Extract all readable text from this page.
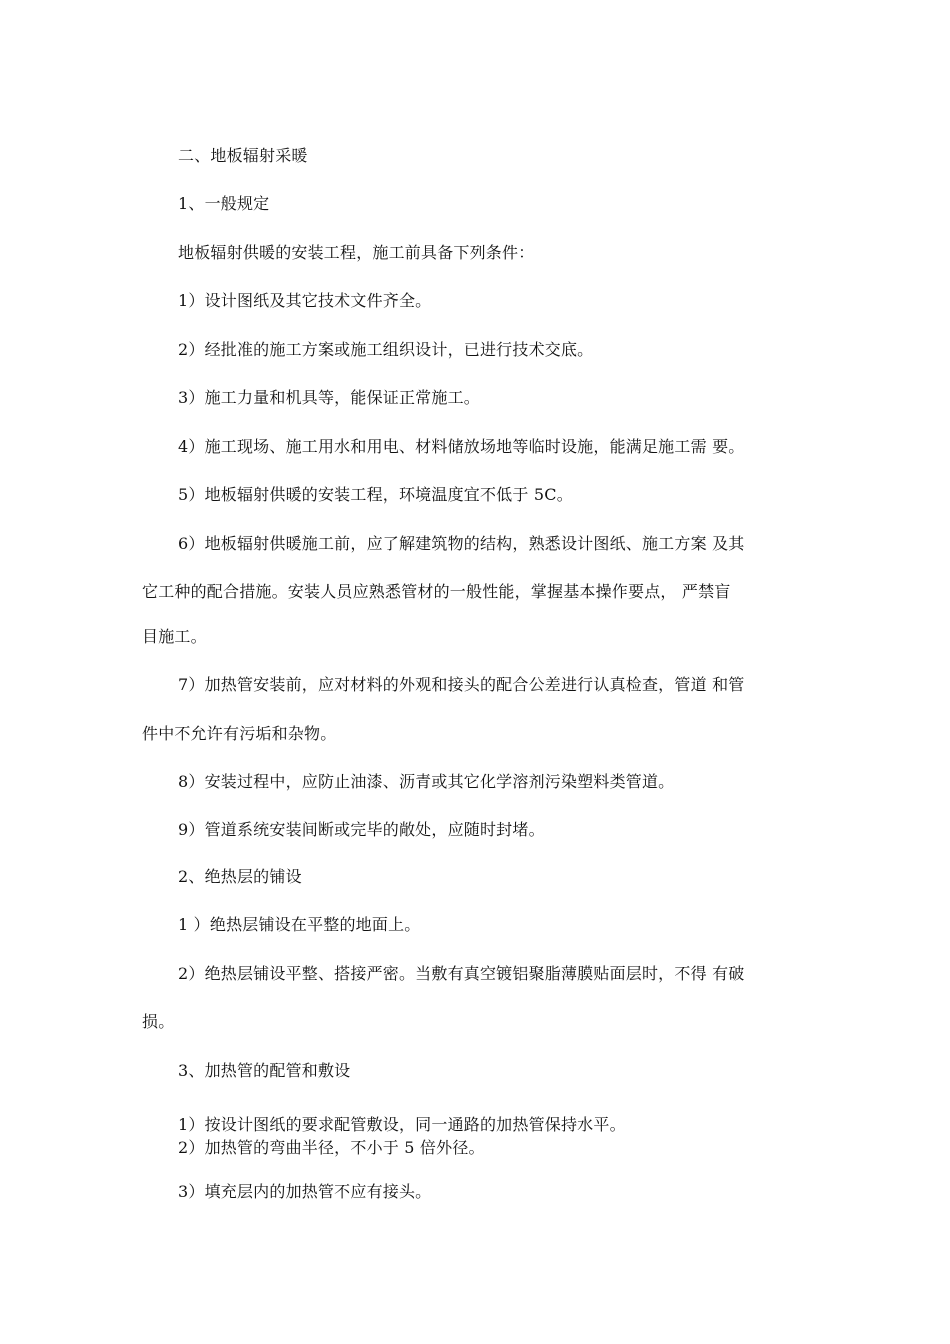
二、地板辐射采暖
1、一般规定
地板辐射供暖的安装工程，施工前具备下列条件：
1）设计图纸及其它技术文件齐全。
2）经批准的施工方案或施工组织设计，已进行技术交底。
3）施工力量和机具等，能保证正常施工。
4）施工现场、施工用水和用电、材料储放场地等临时设施，能满足施工需 要。
5）地板辐射供暖的安装工程，环境温度宜不低于 5C。
6）地板辐射供暖施工前，应了解建筑物的结构，熟悉设计图纸、施工方案 及其
它工种的配合措施。安装人员应熟悉管材的一般性能，掌握基本操作要点， 严禁盲
目施工。
7）加热管安装前，应对材料的外观和接头的配合公差进行认真检查，管道 和管
件中不允许有污垢和杂物。
8）安装过程中，应防止油漆、沥青或其它化学溶剂污染塑料类管道。
9）管道系统安装间断或完毕的敞处，应随时封堵。
2、绝热层的铺设
1 ）绝热层铺设在平整的地面上。
2）绝热层铺设平整、搭接严密。当敷有真空镀铝聚脂薄膜贴面层时，不得 有破
损。
3、加热管的配管和敷设
1）按设计图纸的要求配管敷设，同一通路的加热管保持水平。
2）加热管的弯曲半径，不小于 5 倍外径。
3）填充层内的加热管不应有接头。
